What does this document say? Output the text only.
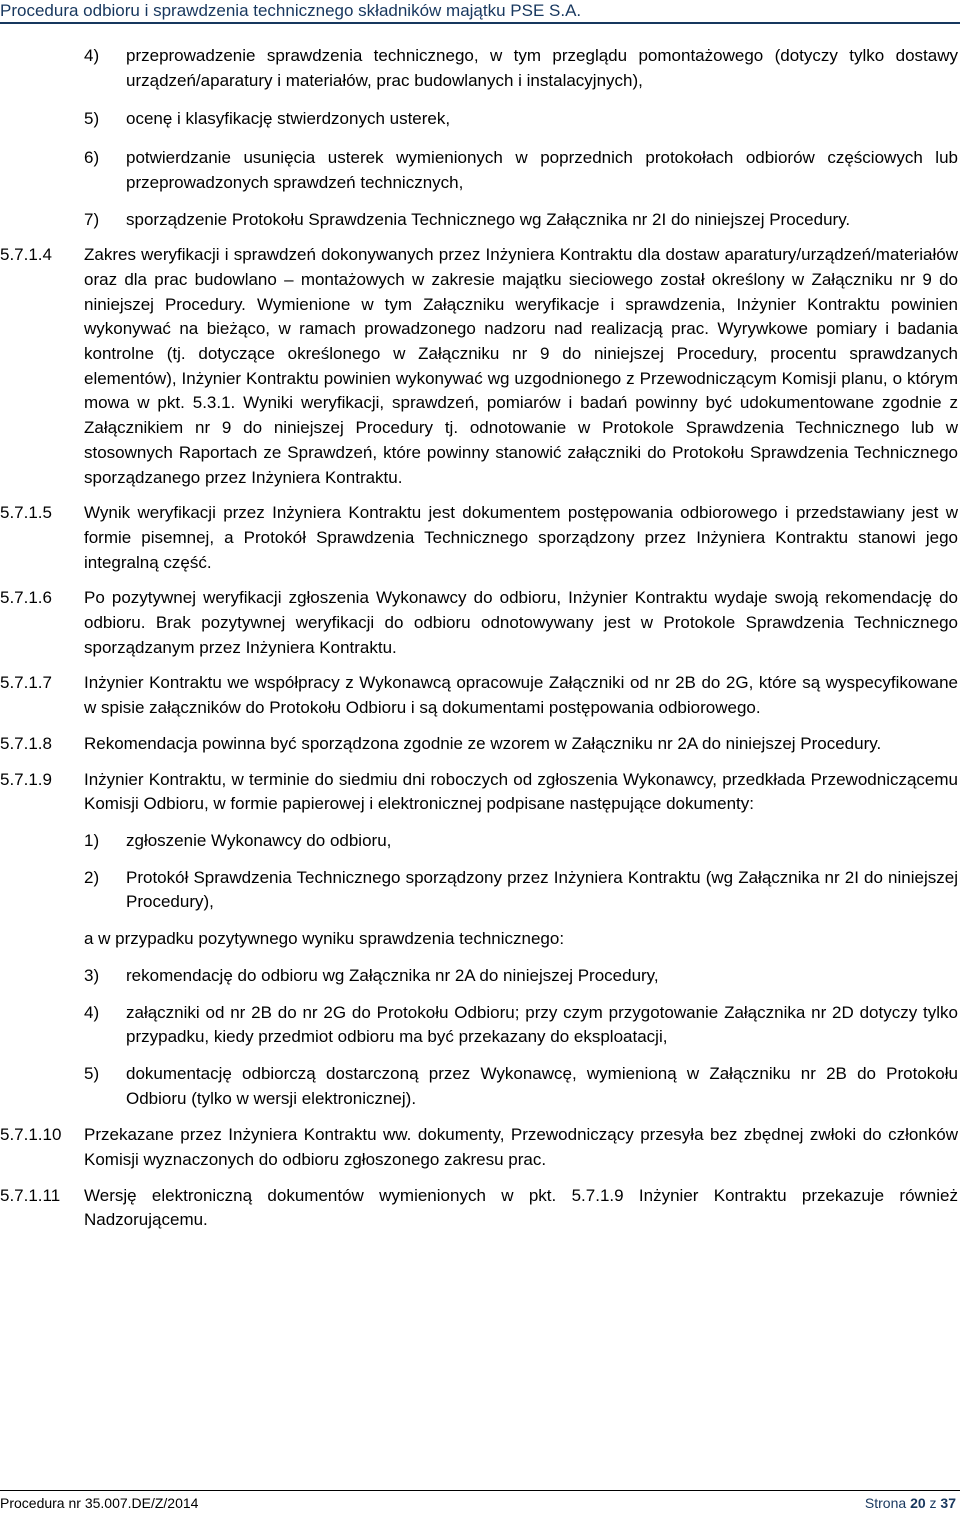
Procedura odbioru i sprawdzenia technicznego składników majątku PSE S.A.
4)	przeprowadzenie sprawdzenia technicznego, w tym przeglądu pomontażowego (dotyczy tylko dostawy urządzeń/aparatury i materiałów, prac budowlanych i instalacyjnych),
5)	ocenę i klasyfikację stwierdzonych usterek,
6)	potwierdzanie usunięcia usterek wymienionych w poprzednich protokołach odbiorów częściowych lub przeprowadzonych sprawdzeń technicznych,
7)	sporządzenie Protokołu Sprawdzenia Technicznego wg Załącznika nr 2I do niniejszej Procedury.
5.7.1.4	Zakres weryfikacji i sprawdzeń dokonywanych przez Inżyniera Kontraktu dla dostaw aparatury/urządzeń/materiałów oraz dla prac budowlano – montażowych w zakresie majątku sieciowego został określony w Załączniku nr 9 do niniejszej Procedury. Wymienione w tym Załączniku weryfikacje i sprawdzenia, Inżynier Kontraktu powinien wykonywać na bieżąco, w ramach prowadzonego nadzoru nad realizacją prac. Wyrywkowe pomiary i badania kontrolne (tj. dotyczące określonego w Załączniku nr 9 do niniejszej Procedury, procentu sprawdzanych elementów), Inżynier Kontraktu powinien wykonywać wg uzgodnionego z Przewodniczącym Komisji planu, o którym mowa w pkt. 5.3.1. Wyniki weryfikacji, sprawdzeń, pomiarów i badań powinny być udokumentowane zgodnie z Załącznikiem nr 9 do niniejszej Procedury tj. odnotowanie w Protokole Sprawdzenia Technicznego lub w stosownych Raportach ze Sprawdzeń, które powinny stanowić załączniki do Protokołu Sprawdzenia Technicznego sporządzanego przez Inżyniera Kontraktu.
5.7.1.5	Wynik weryfikacji przez Inżyniera Kontraktu jest dokumentem postępowania odbiorowego i przedstawiany jest w formie pisemnej, a Protokół Sprawdzenia Technicznego sporządzony przez Inżyniera Kontraktu stanowi jego integralną część.
5.7.1.6	Po pozytywnej weryfikacji zgłoszenia Wykonawcy do odbioru, Inżynier Kontraktu wydaje swoją rekomendację do odbioru. Brak pozytywnej weryfikacji do odbioru odnotowywany jest w Protokole Sprawdzenia Technicznego sporządzanym przez Inżyniera Kontraktu.
5.7.1.7	Inżynier Kontraktu we współpracy z Wykonawcą opracowuje Załączniki od nr 2B do 2G, które są wyspecyfikowane w spisie załączników do Protokołu Odbioru i są dokumentami postępowania odbiorowego.
5.7.1.8	Rekomendacja powinna być sporządzona zgodnie ze wzorem w Załączniku nr 2A do niniejszej Procedury.
5.7.1.9	Inżynier Kontraktu, w terminie do siedmiu dni roboczych od zgłoszenia Wykonawcy, przedkłada Przewodniczącemu Komisji Odbioru, w formie papierowej i elektronicznej podpisane następujące dokumenty:
1)	zgłoszenie Wykonawcy do odbioru,
2)	Protokół Sprawdzenia Technicznego sporządzony przez Inżyniera Kontraktu (wg Załącznika nr 2I do niniejszej Procedury),
a w przypadku pozytywnego wyniku sprawdzenia technicznego:
3)	rekomendację do odbioru wg Załącznika nr 2A do niniejszej Procedury,
4)	załączniki od nr 2B do nr 2G do Protokołu Odbioru; przy czym przygotowanie Załącznika nr 2D dotyczy tylko przypadku, kiedy przedmiot odbioru ma być przekazany do eksploatacji,
5)	dokumentację odbiorczą dostarczoną przez Wykonawcę, wymienioną w Załączniku nr 2B do Protokołu Odbioru (tylko w wersji elektronicznej).
5.7.1.10	Przekazane przez Inżyniera Kontraktu ww. dokumenty, Przewodniczący przesyła bez zbędnej zwłoki do członków Komisji wyznaczonych do odbioru zgłoszonego zakresu prac.
5.7.1.11	Wersję elektroniczną dokumentów wymienionych w pkt. 5.7.1.9 Inżynier Kontraktu przekazuje również Nadzorującemu.
Procedura nr 35.007.DE/Z/2014	Strona 20 z 37
